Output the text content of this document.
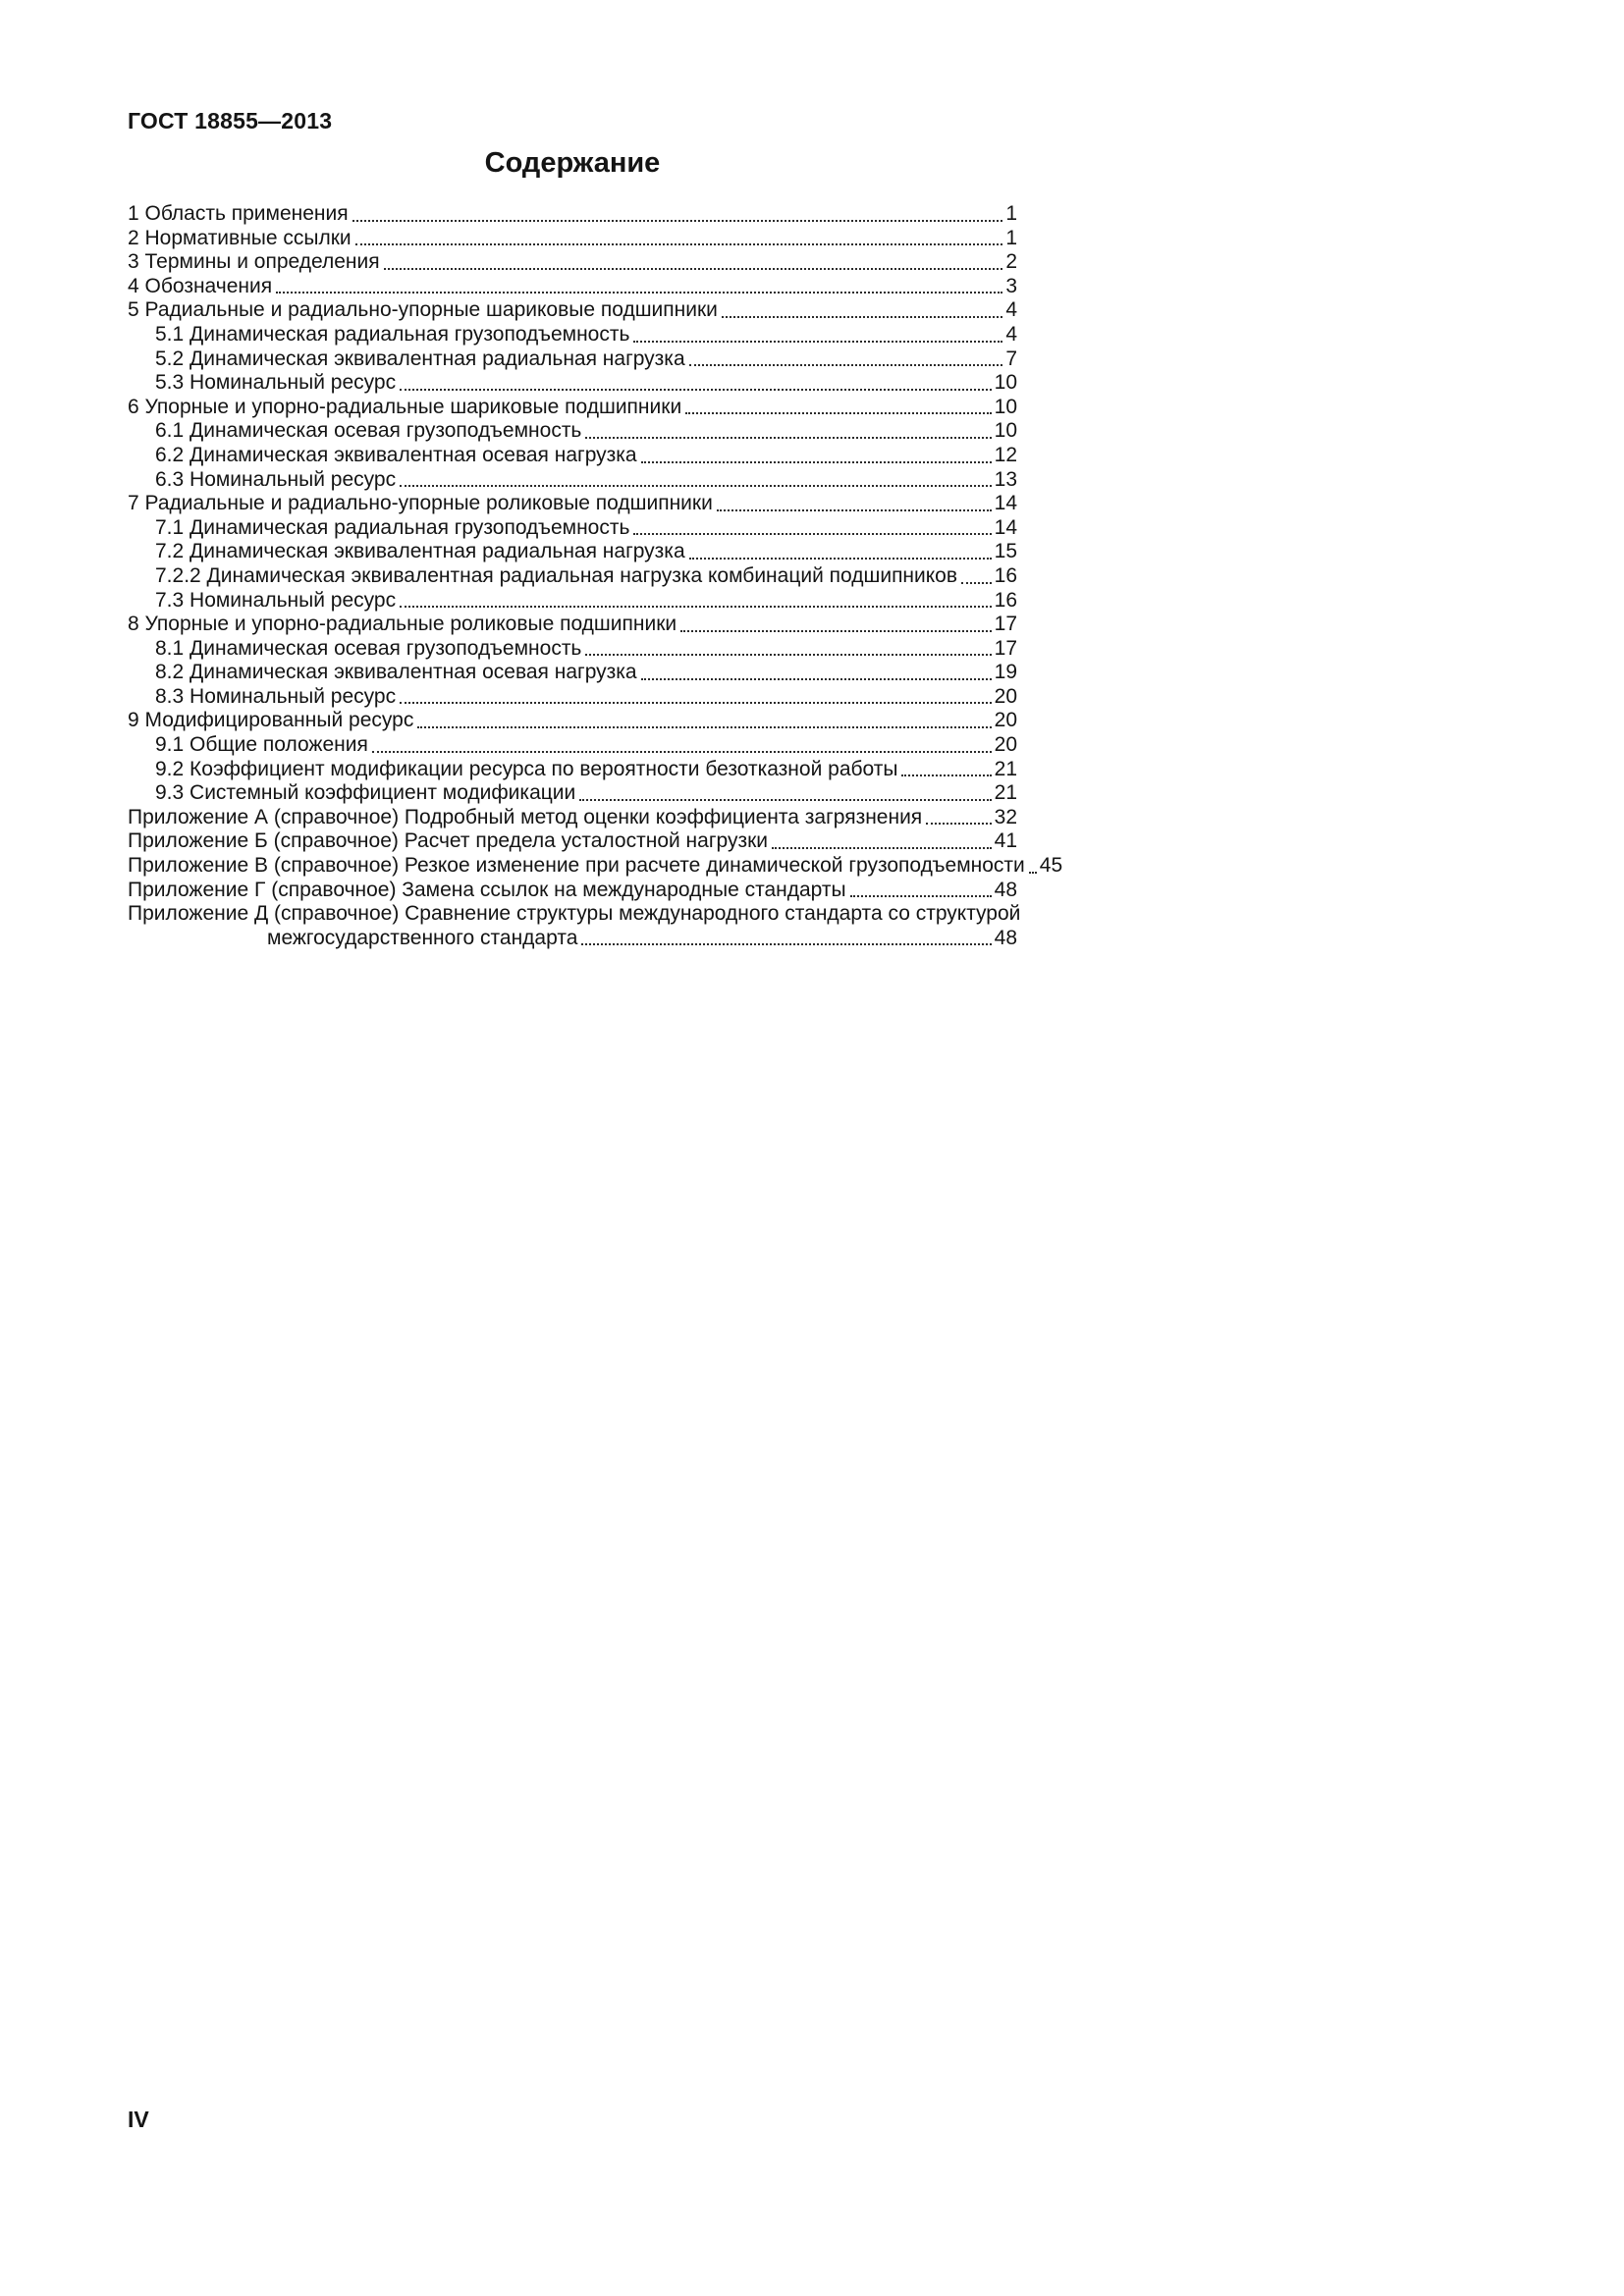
ГОСТ 18855—2013
Содержание
1 Область применения	1
2 Нормативные ссылки	1
3 Термины и определения	2
4 Обозначения	3
5 Радиальные и радиально-упорные шариковые подшипники	4
5.1 Динамическая радиальная грузоподъемность	4
5.2 Динамическая эквивалентная радиальная нагрузка	7
5.3 Номинальный ресурс	10
6 Упорные и упорно-радиальные шариковые подшипники	10
6.1 Динамическая осевая грузоподъемность	10
6.2 Динамическая эквивалентная осевая нагрузка	12
6.3 Номинальный ресурс	13
7 Радиальные и радиально-упорные роликовые подшипники	14
7.1 Динамическая радиальная грузоподъемность	14
7.2 Динамическая эквивалентная радиальная нагрузка	15
7.2.2 Динамическая эквивалентная радиальная нагрузка комбинаций подшипников 16
7.3 Номинальный ресурс	16
8 Упорные и упорно-радиальные роликовые подшипники	17
8.1 Динамическая осевая грузоподъемность	17
8.2 Динамическая эквивалентная осевая нагрузка	19
8.3 Номинальный ресурс	20
9 Модифицированный ресурс	20
9.1 Общие положения	20
9.2 Коэффициент модификации ресурса по вероятности безотказной работы	21
9.3 Системный коэффициент модификации	21
Приложение А (справочное) Подробный метод оценки коэффициента загрязнения	32
Приложение Б (справочное) Расчет предела усталостной нагрузки	41
Приложение В (справочное) Резкое изменение при расчете динамической грузоподъемности 45
Приложение Г (справочное) Замена ссылок на международные стандарты	48
Приложение Д (справочное) Сравнение структуры международного стандарта со структурой
межгосударственного стандарта	48
IV
